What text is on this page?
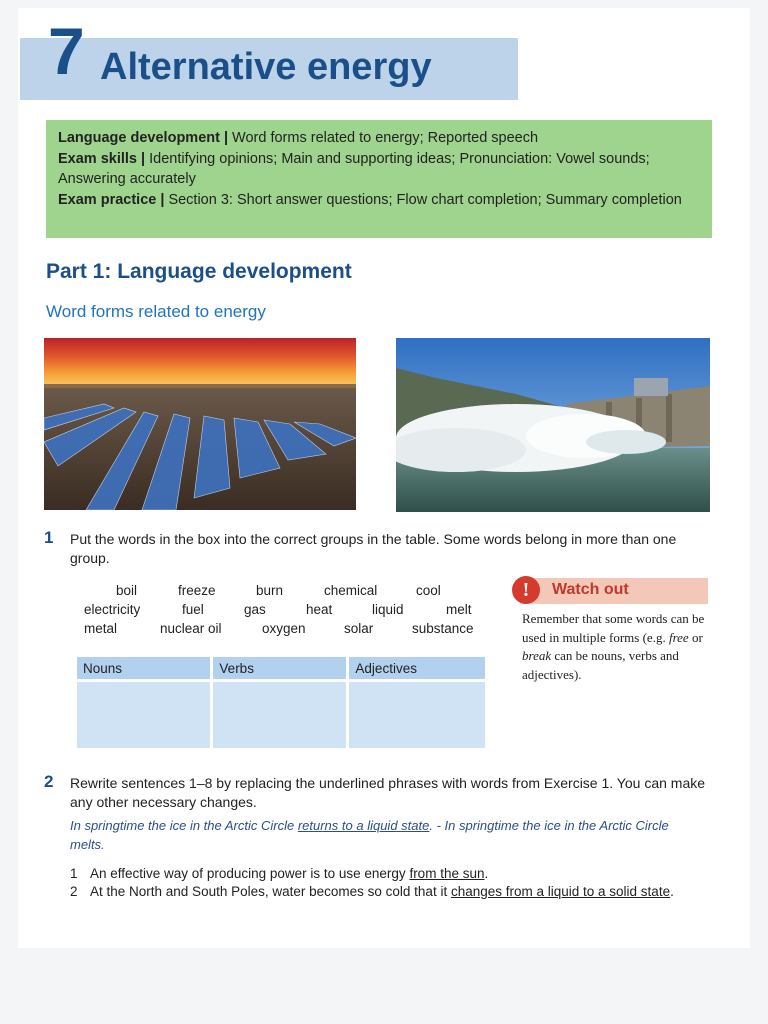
7 Alternative energy
Language development | Word forms related to energy; Reported speech
Exam skills | Identifying opinions; Main and supporting ideas; Pronunciation: Vowel sounds; Answering accurately
Exam practice | Section 3: Short answer questions; Flow chart completion; Summary completion
Part 1: Language development
Word forms related to energy
1 Put the words in the box into the correct groups in the table. Some words belong in more than one group.
boil	freeze	burn	chemical	cool
electricity	fuel	gas	heat	liquid	melt
metal	nuclear oil	oxygen	solar	substance
Nouns	Verbs	Adjectives

!	Watch out
Remember that some words can be used in multiple forms (e.g. free or break can be nouns, verbs and adjectives).
2 Rewrite sentences 1–8 by replacing the underlined phrases with words from Exercise 1. You can make any other necessary changes.
In springtime the ice in the Arctic Circle returns to a liquid state. - In springtime the ice in the Arctic Circle melts.
1 An effective way of producing power is to use energy from the sun.
2 At the North and South Poles, water becomes so cold that it changes from a liquid to a solid state.
